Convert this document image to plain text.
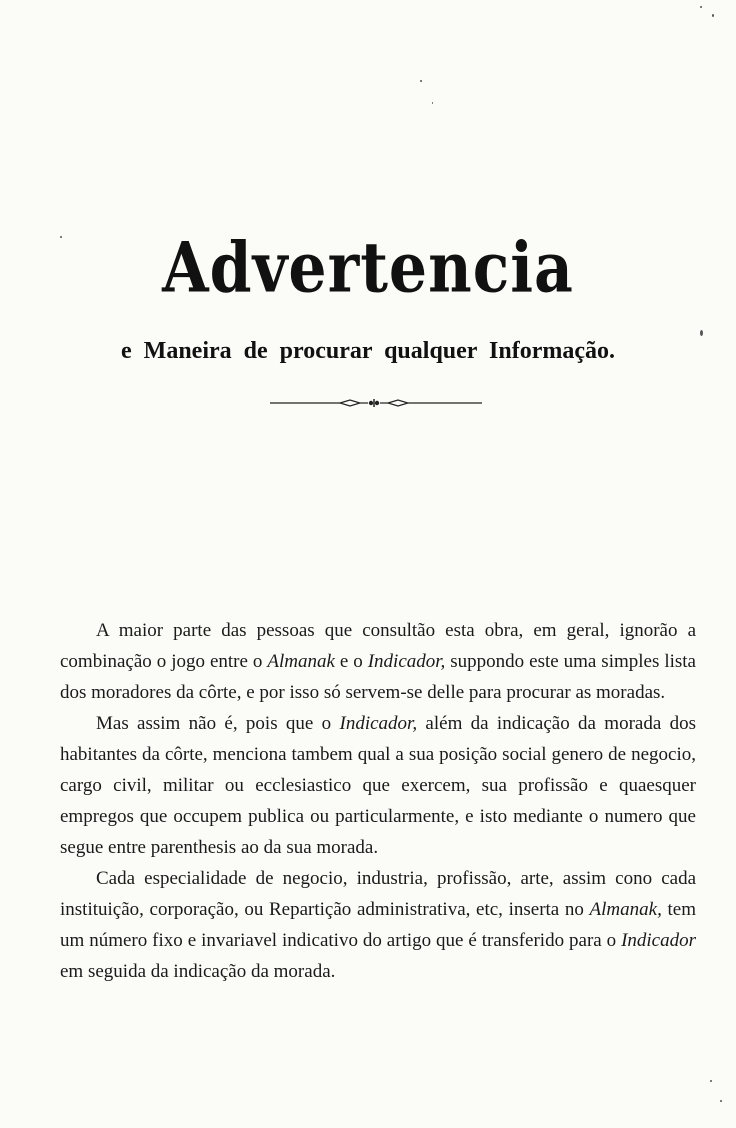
Advertencia
e Maneira de procurar qualquer Informação.

A maior parte das pessoas que consultão esta obra, em geral, ignorão a combinação o jogo entre o Almanak e o Indicador, suppondo este uma simples lista dos moradores da côrte, e por isso só servem-se delle para procurar as moradas.

Mas assim não é, pois que o Indicador, além da indicação da morada dos habitantes da côrte, menciona tambem qual a sua posição social genero de negocio, cargo civil, militar ou ecclesiastico que exercem, sua profissão e quaesquer empregos que occupem publica ou particularmente, e isto mediante o numero que segue entre parenthesis ao da sua morada.

Cada especialidade de negocio, industria, profissão, arte, assim cono cada instituição, corporação, ou Repartição administrativa, etc, inserta no Almanak, tem um número fixo e invariavel indicativo do artigo que é transferido para o Indicador em seguida da indicação da morada.
